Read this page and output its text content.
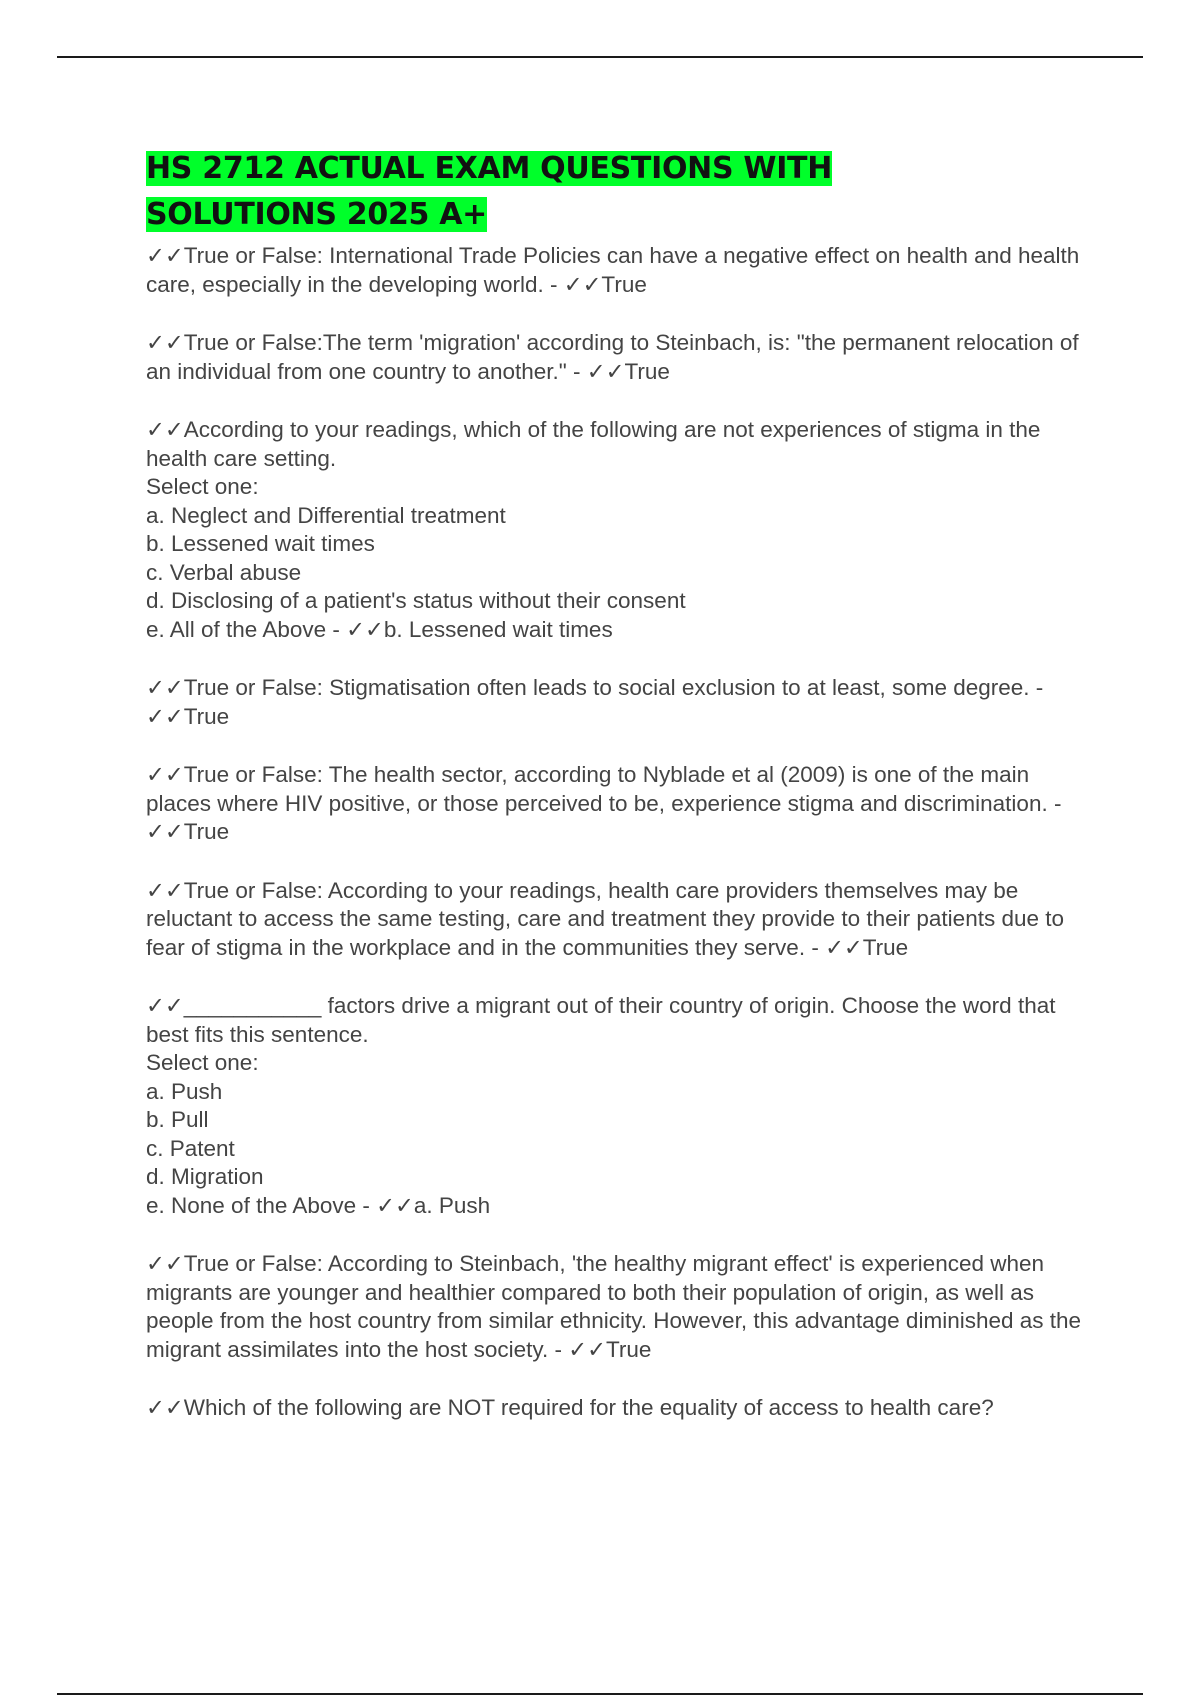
HS 2712 ACTUAL EXAM QUESTIONS WITH SOLUTIONS 2025 A+
✓✓True or False: International Trade Policies can have a negative effect on health and health care, especially in the developing world. - ✓✓True
✓✓True or False:The term 'migration' according to Steinbach, is: "the permanent relocation of an individual from one country to another." - ✓✓True
✓✓According to your readings, which of the following are not experiences of stigma in the health care setting.
Select one:
a. Neglect and Differential treatment
b. Lessened wait times
c. Verbal abuse
d. Disclosing of a patient's status without their consent
e. All of the Above - ✓✓b. Lessened wait times
✓✓True or False: Stigmatisation often leads to social exclusion to at least, some degree. - ✓✓True
✓✓True or False: The health sector, according to Nyblade et al (2009) is one of the main places where HIV positive, or those perceived to be, experience stigma and discrimination. - ✓✓True
✓✓True or False: According to your readings, health care providers themselves may be reluctant to access the same testing, care and treatment they provide to their patients due to fear of stigma in the workplace and in the communities they serve. - ✓✓True
✓✓___________ factors drive a migrant out of their country of origin. Choose the word that best fits this sentence.
Select one:
a. Push
b. Pull
c. Patent
d. Migration
e. None of the Above - ✓✓a. Push
✓✓True or False: According to Steinbach, 'the healthy migrant effect' is experienced when migrants are younger and healthier compared to both their population of origin, as well as people from the host country from similar ethnicity. However, this advantage diminished as the migrant assimilates into the host society. - ✓✓True
✓✓Which of the following are NOT required for the equality of access to health care?
